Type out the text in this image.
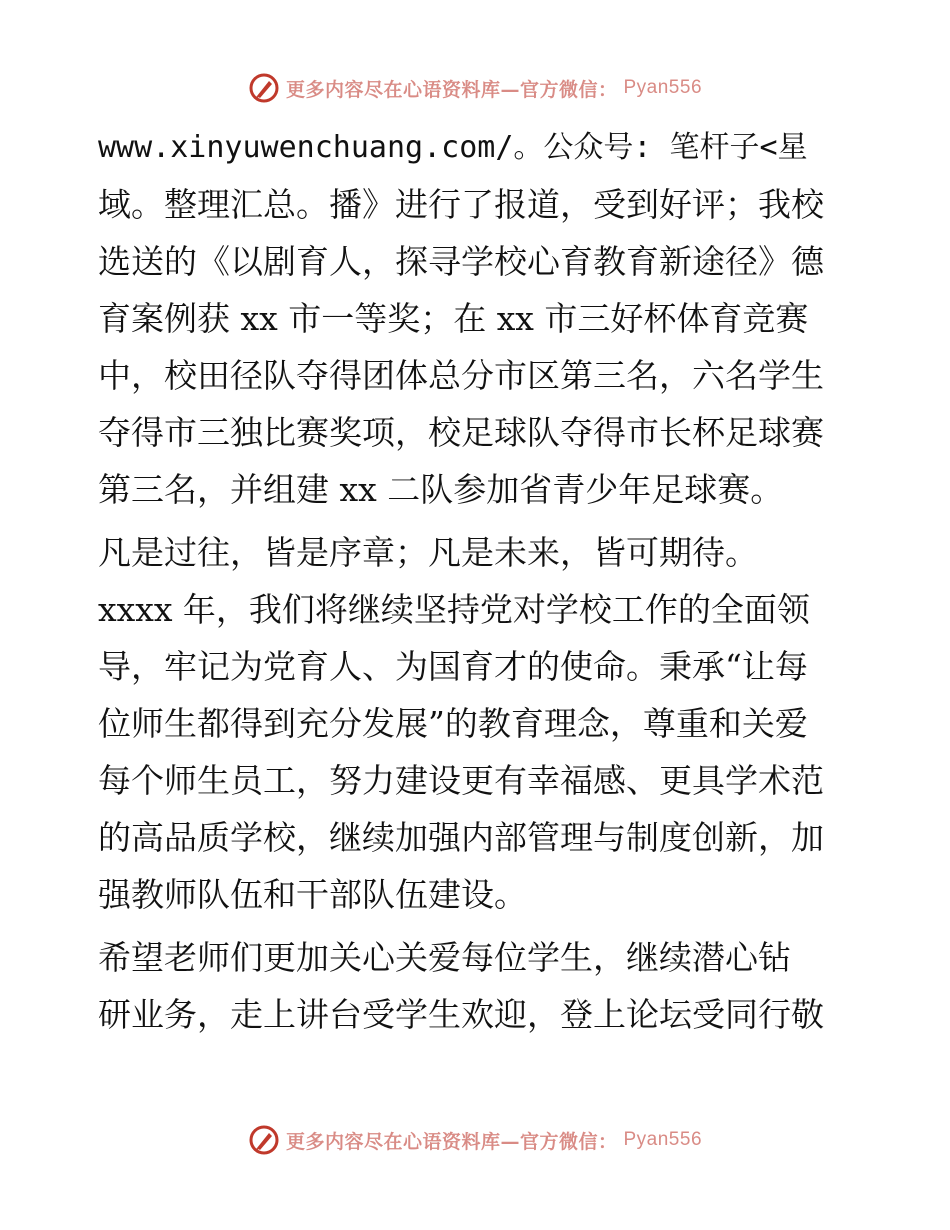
更多内容尽在心语资料库—官方微信： Pyan556
www.xinyuwenchuang.com/。公众号: 笔杆子<星
域。整理汇总。播》进行了报道，受到好评；我校
选送的《以剧育人，探寻学校心育教育新途径》德
育案例获 xx 市一等奖；在 xx 市三好杯体育竞赛
中，校田径队夺得团体总分市区第三名，六名学生
夺得市三独比赛奖项，校足球队夺得市长杯足球赛
第三名，并组建 xx 二队参加省青少年足球赛。
凡是过往，皆是序章；凡是未来，皆可期待。
xxxx 年，我们将继续坚持党对学校工作的全面领
导，牢记为党育人、为国育才的使命。秉承“让每
位师生都得到充分发展”的教育理念，尊重和关爱
每个师生员工，努力建设更有幸福感、更具学术范
的高品质学校，继续加强内部管理与制度创新，加
强教师队伍和干部队伍建设。
希望老师们更加关心关爱每位学生，继续潜心钻
研业务，走上讲台受学生欢迎，登上论坛受同行敬
更多内容尽在心语资料库—官方微信： Pyan556
